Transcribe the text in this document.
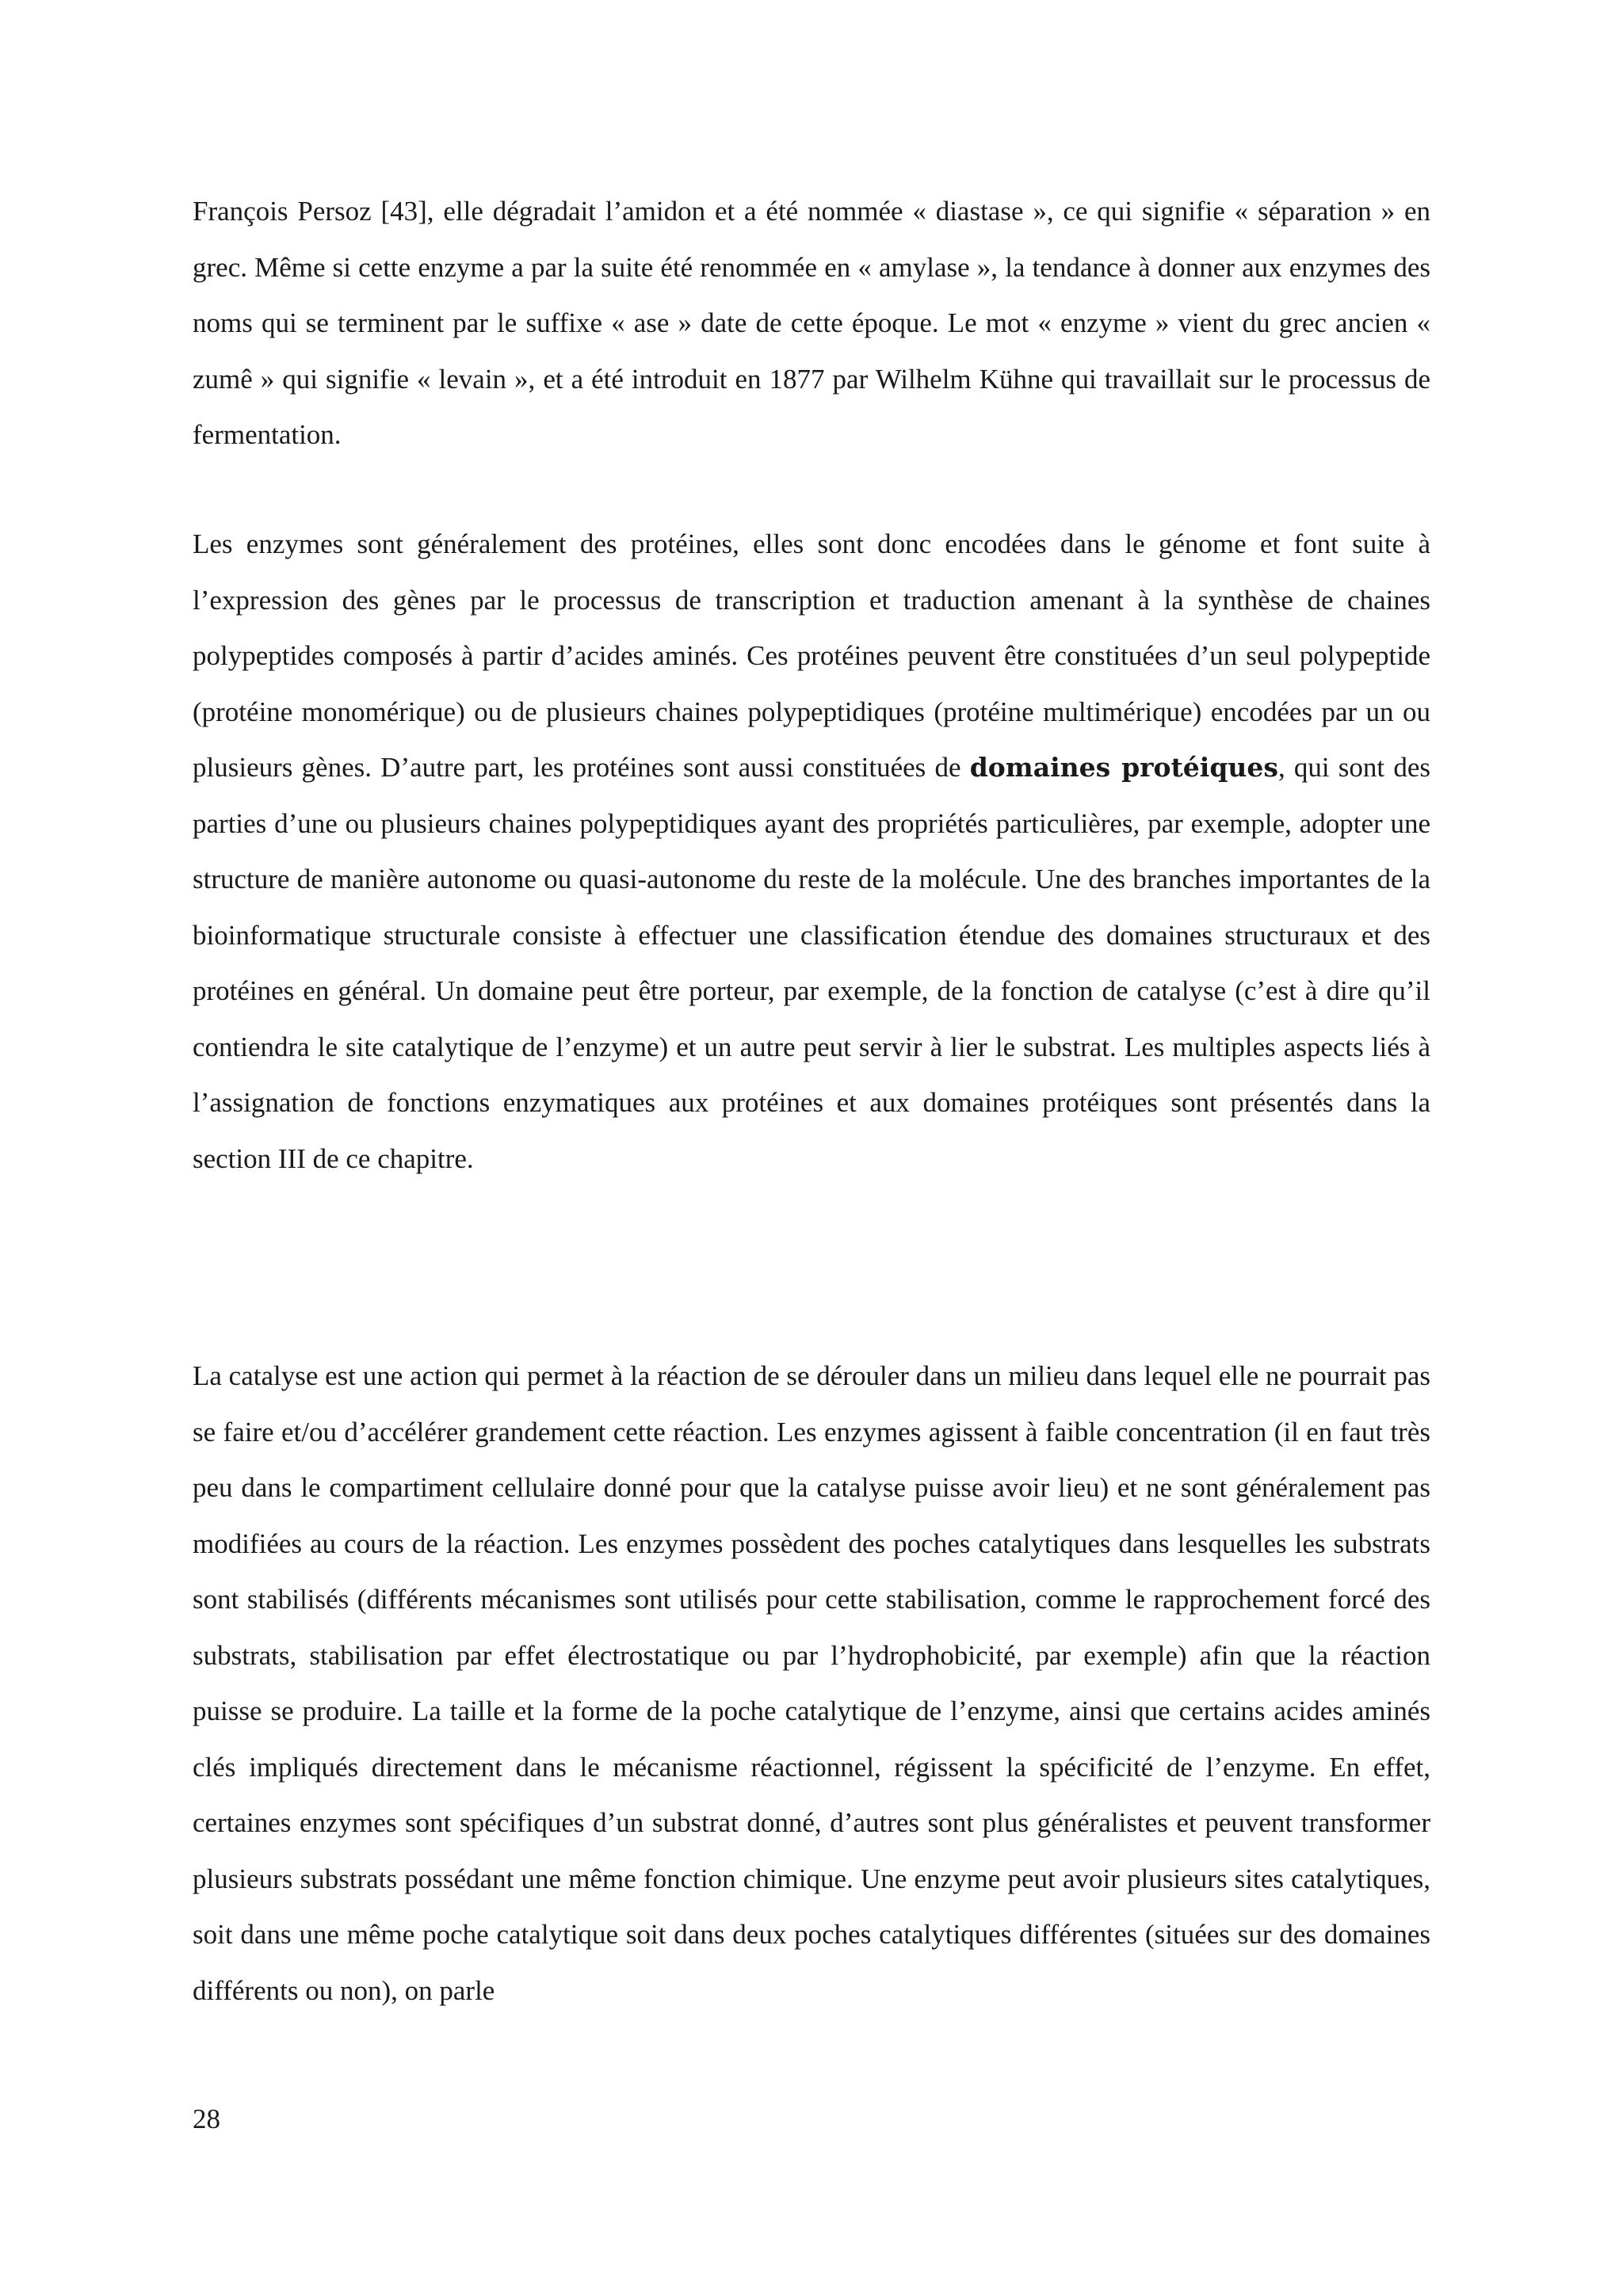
François Persoz [43], elle dégradait l’amidon et a été nommée « diastase », ce qui signifie « séparation » en grec. Même si cette enzyme a par la suite été renommée en « amylase », la tendance à donner aux enzymes des noms qui se terminent par le suffixe « ase » date de cette époque. Le mot « enzyme » vient du grec ancien « zumê » qui signifie « levain », et a été introduit en 1877 par Wilhelm Kühne qui travaillait sur le processus de fermentation.

Les enzymes sont généralement des protéines, elles sont donc encodées dans le génome et font suite à l’expression des gènes par le processus de transcription et traduction amenant à la synthèse de chaines polypeptides composés à partir d’acides aminés. Ces protéines peuvent être constituées d’un seul polypeptide (protéine monomérique) ou de plusieurs chaines polypeptidiques (protéine multimérique) encodées par un ou plusieurs gènes. D’autre part, les protéines sont aussi constituées de domaines protéiques, qui sont des parties d’une ou plusieurs chaines polypeptidiques ayant des propriétés particulières, par exemple, adopter une structure de manière autonome ou quasi-autonome du reste de la molécule. Une des branches importantes de la bioinformatique structurale consiste à effectuer une classification étendue des domaines structuraux et des protéines en général. Un domaine peut être porteur, par exemple, de la fonction de catalyse (c’est à dire qu’il contiendra le site catalytique de l’enzyme) et un autre peut servir à lier le substrat. Les multiples aspects liés à l’assignation de fonctions enzymatiques aux protéines et aux domaines protéiques sont présentés dans la section III de ce chapitre.

La catalyse est une action qui permet à la réaction de se dérouler dans un milieu dans lequel elle ne pourrait pas se faire et/ou d’accélérer grandement cette réaction. Les enzymes agissent à faible concentration (il en faut très peu dans le compartiment cellulaire donné pour que la catalyse puisse avoir lieu) et ne sont généralement pas modifiées au cours de la réaction. Les enzymes possèdent des poches catalytiques dans lesquelles les substrats sont stabilisés (différents mécanismes sont utilisés pour cette stabilisation, comme le rapprochement forcé des substrats, stabilisation par effet électrostatique ou par l’hydrophobicité, par exemple) afin que la réaction puisse se produire. La taille et la forme de la poche catalytique de l’enzyme, ainsi que certains acides aminés clés impliqués directement dans le mécanisme réactionnel, régissent la spécificité de l’enzyme. En effet, certaines enzymes sont spécifiques d’un substrat donné, d’autres sont plus généralistes et peuvent transformer plusieurs substrats possédant une même fonction chimique. Une enzyme peut avoir plusieurs sites catalytiques, soit dans une même poche catalytique soit dans deux poches catalytiques différentes (situées sur des domaines différents ou non), on parle

28
